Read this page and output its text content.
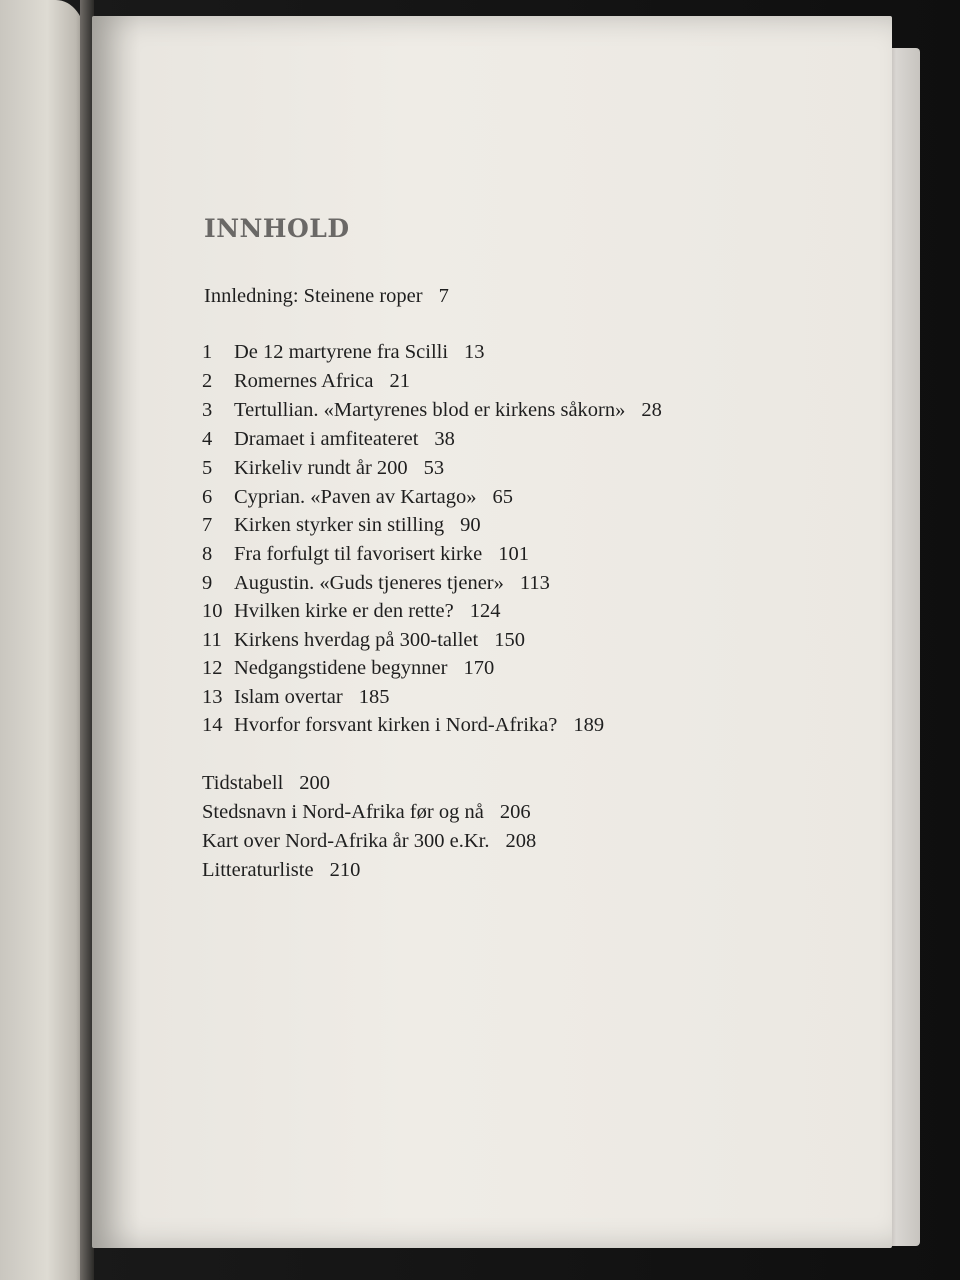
INNHOLD
Innledning: Steinene roper 7
1	De 12 martyrene fra Scilli 13
2	Romernes Africa 21
3	Tertullian. «Martyrenes blod er kirkens såkorn» 28
4	Dramaet i amfiteateret 38
5	Kirkeliv rundt år 200 53
6	Cyprian. «Paven av Kartago» 65
7	Kirken styrker sin stilling 90
8	Fra forfulgt til favorisert kirke 101
9	Augustin. «Guds tjeneres tjener» 113
10 Hvilken kirke er den rette? 124
11 Kirkens hverdag på 300-tallet 150
12 Nedgangstidene begynner 170
13 Islam overtar 185
14 Hvorfor forsvant kirken i Nord-Afrika? 189
Tidstabell 200
Stedsnavn i Nord-Afrika før og nå 206
Kart over Nord-Afrika år 300 e.Kr. 208
Litteraturliste 210
